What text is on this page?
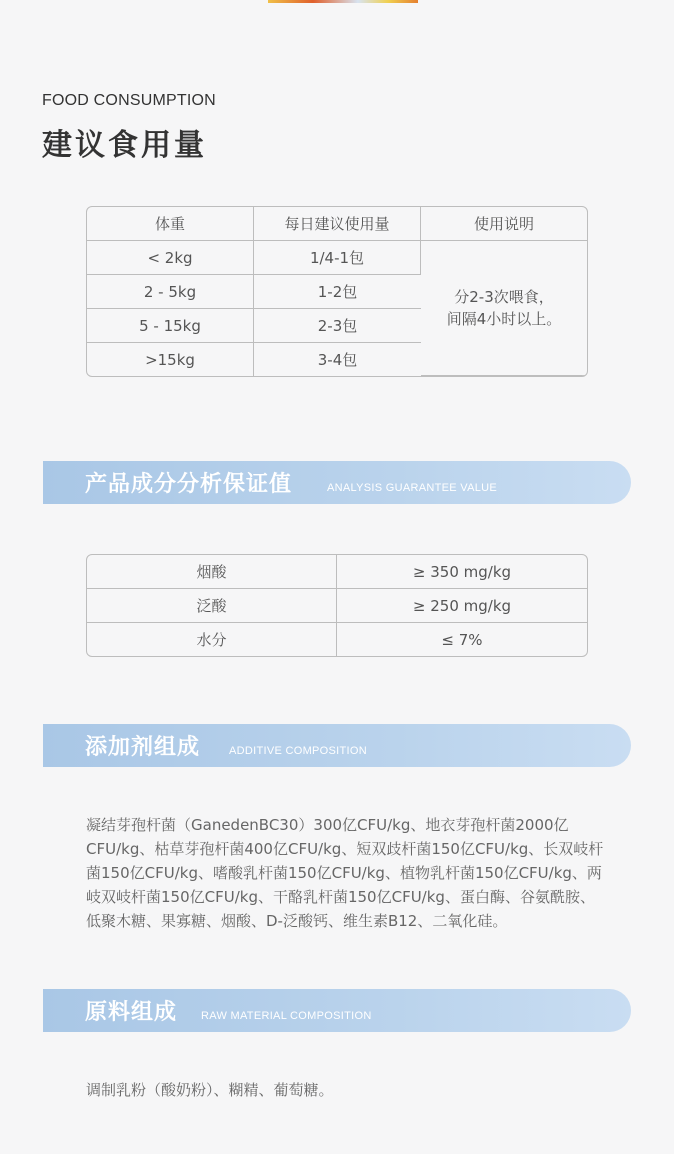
FOOD CONSUMPTION
建议食用量
体重	每日建议使用量	使用说明
< 2kg	1/4-1包	分2-3次喂食，
间隔4小时以上。

2 - 5kg	1-2包	
5 - 15kg	2-3包	
>15kg	3-4包	
产品成分分析保证值	ANALYSIS GUARANTEE VALUE
烟酸	≥ 350 mg/kg
泛酸	≥ 250 mg/kg
水分	≤ 7%
添加剂组成	ADDITIVE COMPOSITION
凝结芽孢杆菌（GanedenBC30）300亿CFU/kg、地衣芽孢杆菌2000亿CFU/kg、枯草芽孢杆菌400亿CFU/kg、短双歧杆菌150亿CFU/kg、长双岐杆菌150亿CFU/kg、嗜酸乳杆菌150亿CFU/kg、植物乳杆菌150亿CFU/kg、两岐双岐杆菌150亿CFU/kg、干酪乳杆菌150亿CFU/kg、蛋白酶、谷氨酰胺、低聚木糖、果寡糖、烟酸、D-泛酸钙、维生素B12、二氧化硅。
原料组成 RAW MATERIAL COMPOSITION
调制乳粉（酸奶粉）、糊精、葡萄糖。
